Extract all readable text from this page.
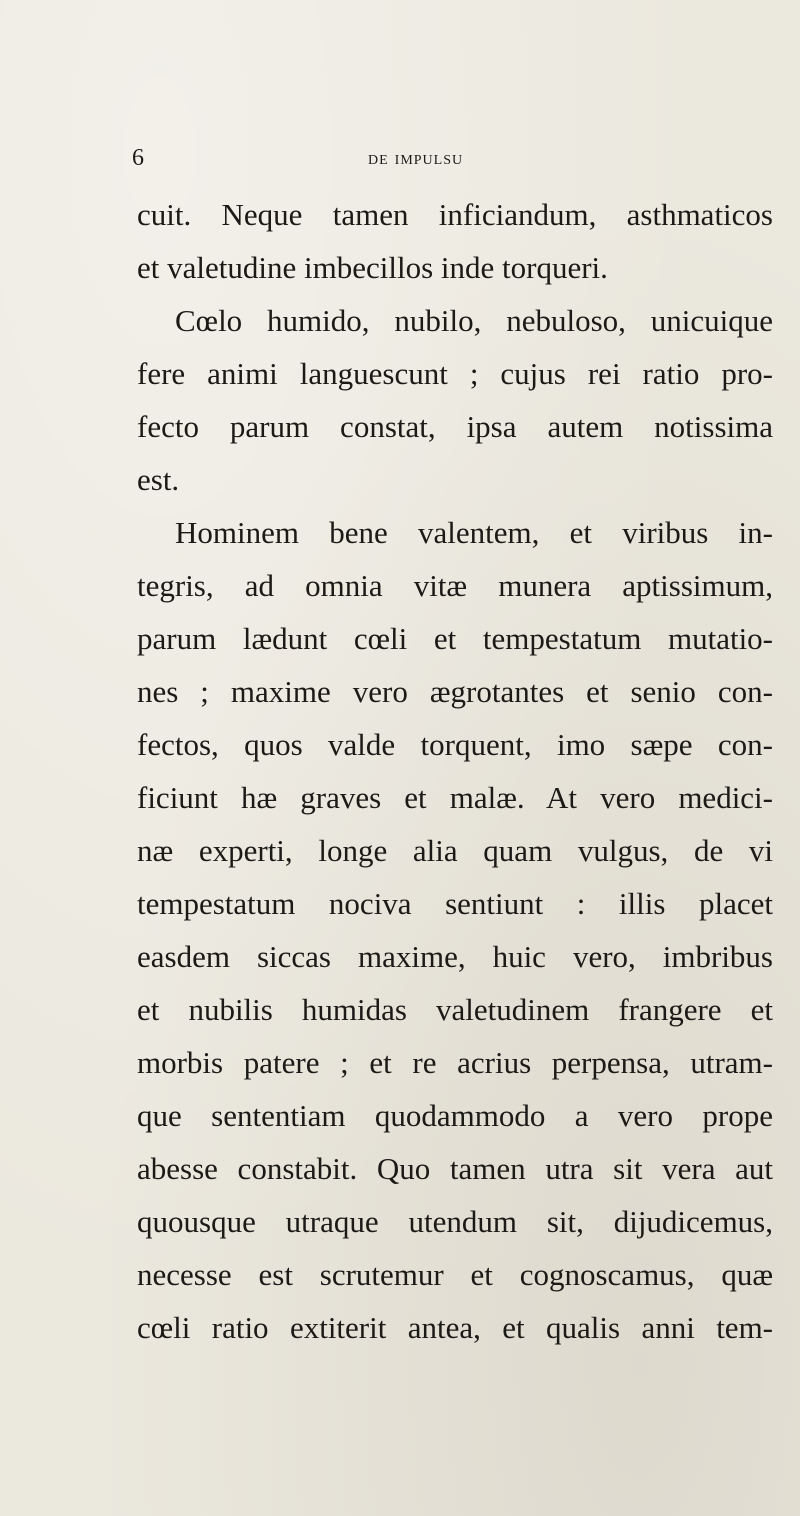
6	de impulsu
cuit. Neque tamen inficiandum, asthmaticos
et valetudine imbecillos inde torqueri.
Cœlo humido, nubilo, nebuloso, unicuique
fere animi languescunt ; cujus rei ratio pro-
fecto parum constat, ipsa autem notissima
est.
Hominem bene valentem, et viribus in-
tegris, ad omnia vitæ munera aptissimum,
parum lædunt cœli et tempestatum mutatio-
nes ; maxime vero ægrotantes et senio con-
fectos, quos valde torquent, imo sæpe con-
ficiunt hæ graves et malæ. At vero medici-
næ experti, longe alia quam vulgus, de vi
tempestatum nociva sentiunt : illis placet
easdem siccas maxime, huic vero, imbribus
et nubilis humidas valetudinem frangere et
morbis patere ; et re acrius perpensa, utram-
que sententiam quodammodo a vero prope
abesse constabit. Quo tamen utra sit vera aut
quousque utraque utendum sit, dijudicemus,
necesse est scrutemur et cognoscamus, quæ
cœli ratio extiterit antea, et qualis anni tem-
